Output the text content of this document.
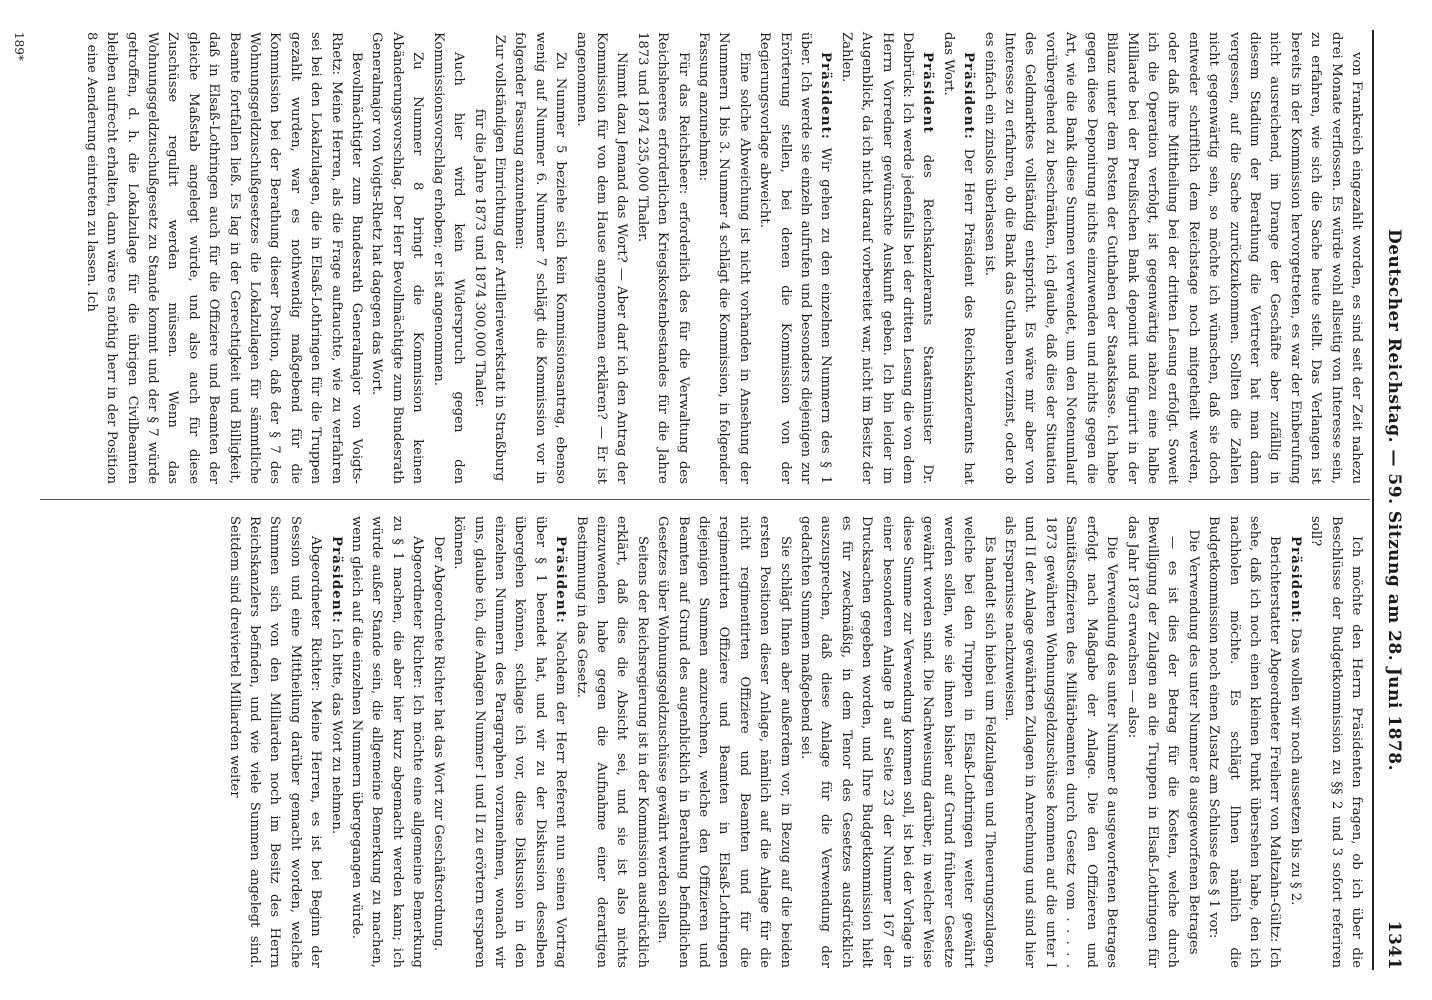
Deutscher Reichstag. — 59. Sitzung am 28. Juni 1878.
1341

von Frankreich eingezahlt worden, es sind seit der Zeit nahezu drei Monate verflossen. Es würde wohl allseitig von Interesse sein, zu erfahren, wie sich die Sache heute stellt. Das Verlangen ist bereits in der Kommission hervorgetreten, es war der Einberufung nicht ausreichend, im Drange der Geschäfte aber zufällig in diesem Stadium der Berathung die Vertreter hat man dann vergessen, auf die Sache zurückzukommen. Sollten die Zahlen nicht gegenwärtig sein, so möchte ich wünschen, daß sie doch entweder schriftlich dem Reichstage noch mitgetheilt werden, oder daß ihre Mittheilung bei der dritten Lesung erfolgt. Soweit ich die Operation verfolgt, ist gegenwärtig nahezu eine halbe Milliarde bei der Preußischen Bank deponirt und figurirt in der Bilanz unter dem Posten der Guthaben der Staatskasse. Ich habe gegen diese Deponirung nichts einzuwenden und nichts gegen die Art, wie die Bank diese Summen verwendet, um den Notenumlauf vorübergehend zu beschränken, ich glaube, daß dies der Situation des Geldmarktes vollständig entspricht. Es wäre mir aber von Interesse zu erfahren, ob die Bank das Guthaben verzinst, oder ob es einfach ein zinslos überlassen ist.

Präsident: Der Herr Präsident des Reichskanzleramts hat das Wort.

Präsident des Reichskanzleramts Staatsminister Dr. Delbrück: Ich werde jedenfalls bei der dritten Lesung die von dem Herrn Vorredner gewünschte Auskunft geben. Ich bin leider im Augenblick, da ich nicht darauf vorbereitet war, nicht im Besitz der Zahlen.

Präsident: Wir gehen zu den einzelnen Nummern des § 1 über. Ich werde sie einzeln aufrufen und besonders diejenigen zur Erörterung stellen, bei denen die Kommission von der Regierungsvorlage abweicht.

Eine solche Abweichung ist nicht vorhanden in Ansehung der Nummern 1 bis 3. Nummer 4 schlägt die Kommission, in folgender Fassung anzunehmen:

Für das Reichsheer: erforderlich des für die Verwaltung des Reichsheeres erforderlichen Kriegskostenbestandes für die Jahre 1873 und 1874 235,000 Thaler.

Nimmt dazu Jemand das Wort? — Aber darf ich den Antrag der Kommission für von dem Hause angenommen erklären? — Er ist angenommen.

Zu Nummer 5 beziehe sich kein Kommissionsantrag, ebenso wenig auf Nummer 6. Nummer 7 schlägt die Kommission vor in folgender Fassung anzunehmen:

Zur vollständigen Einrichtung der Artilleriewerkstatt in Straßburg für die Jahre 1873 und 1874 300,000 Thaler.

Auch hier wird kein Widerspruch gegen den Kommissionsvorschlag erhoben; er ist angenommen.

Zu Nummer 8 bringt die Kommission keinen Abänderungsvorschlag. Der Herr Bevollmächtigte zum Bundesrath Generalmajor von Voigts-Rhetz hat dagegen das Wort.

Bevollmächtigter zum Bundesrath Generalmajor von Voigts-Rhetz: Meine Herren, als die Frage auftauchte, wie zu verfahren sei bei den Lokalzulagen, die in Elsaß-Lothringen für die Truppen gezahlt wurden, war es nothwendig maßgebend für die Kommission bei der Berathung dieser Position, daß der § 7 des Wohnungsgeldzuschußgesetzes die Lokalzulagen für sämmtliche Beamte fortfallen ließ. Es lag in der Gerechtigkeit und Billigkeit, daß in Elsaß-Lothringen auch für die Offiziere und Beamten der gleiche Maßstab angelegt würde, und also auch für diese Zuschüsse regulirt werden müssen. Wenn das Wohnungsgeldzuschußgesetz zu Stande kommt und der § 7 würde getroffen, d. h. die Lokalzulage für die übrigen Civilbeamten bleiben aufrecht erhalten, dann wäre es nöthig herr in der Position 8 eine Aenderung eintreten zu lassen. Ich

Ich möchte den Herrn Präsidenten fragen, ob ich über die Beschlüsse der Budgetkommission zu §§ 2 und 3 sofort referiren soll?

Präsident: Das wollen wir noch aussetzen bis zu § 2.

Berichterstatter Abgeordneter Freiherr von Maltzahn-Gültz: Ich sehe, daß ich noch einen kleinen Punkt übersehen habe, den ich nachholen möchte. Es schlägt Ihnen nämlich die Budgetkommission noch einen Zusatz am Schlusse des § 1 vor:

Die Verwendung des unter Nummer 8 ausgeworfenen Betrages

— es ist dies der Betrag für die Kosten, welche durch Bewilligung der Zulagen an die Truppen in Elsaß-Lothringen für das Jahr 1873 erwachsen — also:

Die Verwendung des unter Nummer 8 ausgeworfenen Betrages erfolgt nach Maßgabe der Anlage. Die den Offizieren und Sanitätsoffizieren des Militärbeamten durch Gesetz vom . . . . . 1873 gewährten Wohnungsgeldzuschüsse kommen auf die unter I und II der Anlage gewährten Zulagen in Anrechnung und sind hier als Ersparnisse nachzuweisen.

Es handelt sich hiebei um Feldzulagen und Theuerungszulagen, welche bei den Truppen in Elsaß-Lothringen weiter gewährt werden sollen, wie sie ihnen bisher auf Grund früherer Gesetze gewährt worden sind. Die Nachweisung darüber, in welcher Weise diese Summe zur Verwendung kommen soll, ist bei der Vorlage in einer besonderen Anlage B auf Seite 23 der Nummer 167 der Drucksachen gegeben worden, und Ihre Budgetkommission hielt es für zweckmäßig, in dem Tenor des Gesetzes ausdrücklich auszusprechen, daß diese Anlage für die Verwendung der gedachten Summen maßgebend sei.

Sie schlägt Ihnen aber außerdem vor, in Bezug auf die beiden ersten Positionen dieser Anlage, nämlich auf die Anlage für die nicht regimentirten Offiziere und Beamten und für die regimentirten Offiziere und Beamten in Elsaß-Lothringen diejenigen Summen anzurechnen, welche den Offizieren und Beamten auf Grund des augenblicklich in Berathung befindlichen Gesetzes über Wohnungsgeldzuschüsse gewährt werden sollen.

Seitens der Reichsregierung ist in der Kommission ausdrücklich erklärt, daß dies die Absicht sei, und sie ist also nichts einzuwenden habe gegen die Aufnahme einer derartigen Bestimmung in das Gesetz.

Präsident: Nachdem der Herr Referent nun seinen Vortrag über § 1 beendet hat, und wir zu der Diskussion desselben übergehen können, schlage ich vor, diese Diskussion in den einzelnen Nummern des Paragraphen vorzunehmen, wonach wir uns, glaube ich, die Anlagen Nummer I und II zu erörtern ersparen können.

Der Abgeordnete Richter hat das Wort zur Geschäftsordnung.

Abgeordneter Richter: Ich möchte eine allgemeine Bemerkung zu § 1 machen, die aber hier kurz abgemacht werden kann; ich würde außer Stande sein, die allgemeine Bemerkung zu machen, wenn gleich auf die einzelnen Nummern übergegangen würde.

Präsident: Ich bitte, das Wort zu nehmen.

Abgeordneter Richter: Meine Herren, es ist bei Beginn der Session und eine Mittheilung darüber gemacht worden, welche Summen sich von den Milliarden noch im Besitz des Herrn Reichskanzlers befinden, und wie viele Summen angelegt sind. Seitdem sind dreiviertel Milliarden weiter

189*
